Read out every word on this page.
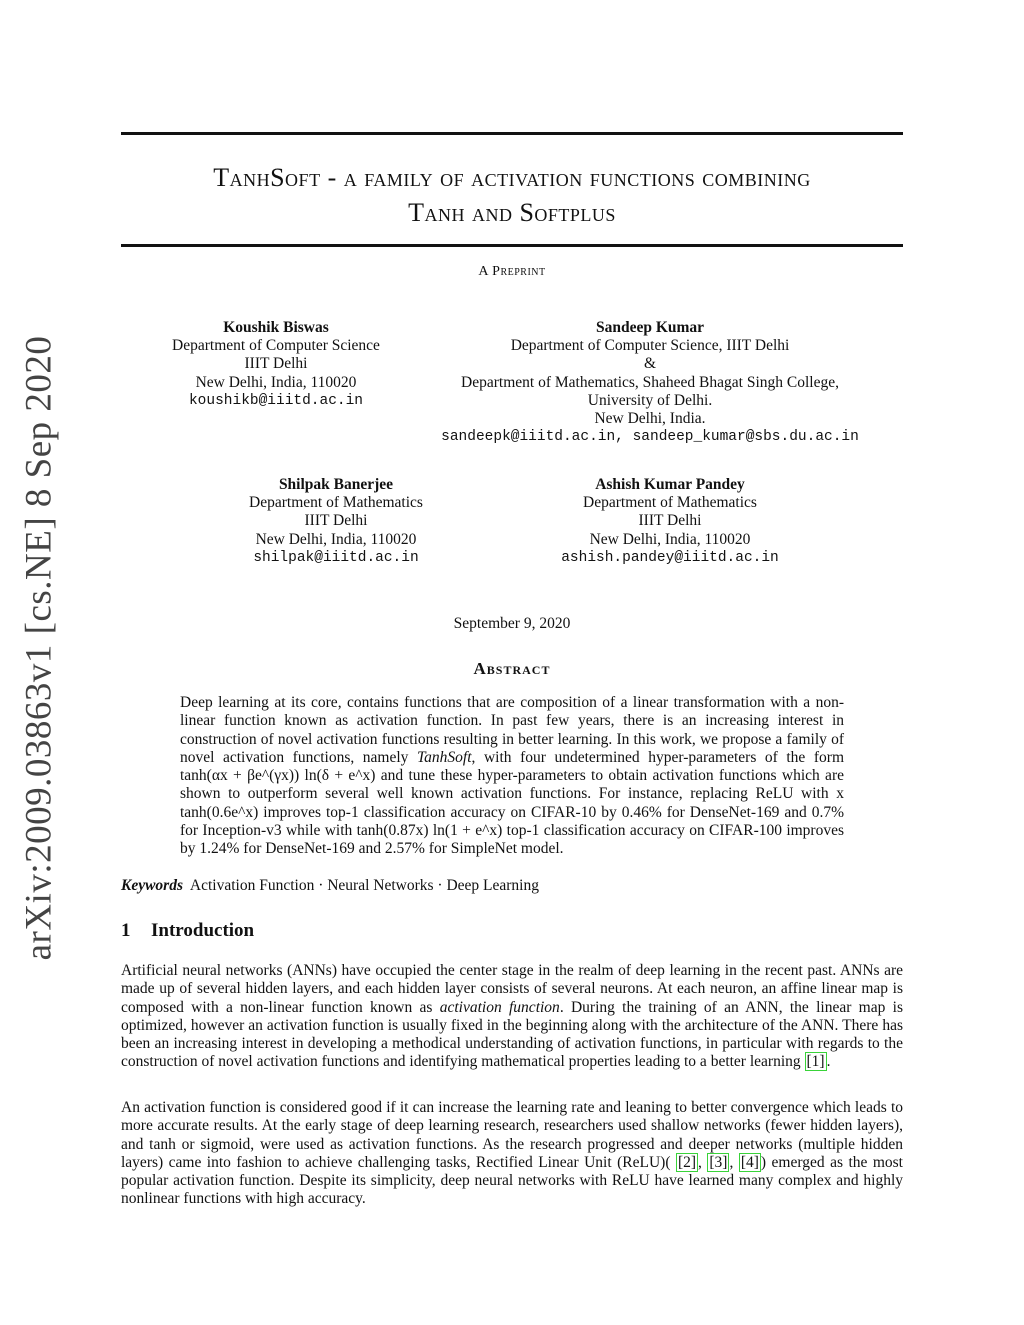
arXiv:2009.03863v1 [cs.NE] 8 Sep 2020
TanhSoft - a family of activation functions combining
Tanh and Softplus
A Preprint
Koushik Biswas
Department of Computer Science
IIIT Delhi
New Delhi, India, 110020
koushikb@iiitd.ac.in
Sandeep Kumar
Department of Computer Science, IIIT Delhi
&
Department of Mathematics, Shaheed Bhagat Singh College,
University of Delhi.
New Delhi, India.
sandeepk@iiitd.ac.in, sandeep_kumar@sbs.du.ac.in
Shilpak Banerjee
Department of Mathematics
IIIT Delhi
New Delhi, India, 110020
shilpak@iiitd.ac.in
Ashish Kumar Pandey
Department of Mathematics
IIIT Delhi
New Delhi, India, 110020
ashish.pandey@iiitd.ac.in
September 9, 2020
Abstract
Deep learning at its core, contains functions that are composition of a linear transformation with a non-linear function known as activation function. In past few years, there is an increasing interest in construction of novel activation functions resulting in better learning. In this work, we propose a family of novel activation functions, namely TanhSoft, with four undetermined hyper-parameters of the form tanh(αx + βe^(γx)) ln(δ + e^x) and tune these hyper-parameters to obtain activation functions which are shown to outperform several well known activation functions. For instance, replacing ReLU with x tanh(0.6e^x) improves top-1 classification accuracy on CIFAR-10 by 0.46% for DenseNet-169 and 0.7% for Inception-v3 while with tanh(0.87x) ln(1 + e^x) top-1 classification accuracy on CIFAR-100 improves by 1.24% for DenseNet-169 and 2.57% for SimpleNet model.
Keywords Activation Function · Neural Networks · Deep Learning
1 Introduction
Artificial neural networks (ANNs) have occupied the center stage in the realm of deep learning in the recent past. ANNs are made up of several hidden layers, and each hidden layer consists of several neurons. At each neuron, an affine linear map is composed with a non-linear function known as activation function. During the training of an ANN, the linear map is optimized, however an activation function is usually fixed in the beginning along with the architecture of the ANN. There has been an increasing interest in developing a methodical understanding of activation functions, in particular with regards to the construction of novel activation functions and identifying mathematical properties leading to a better learning [1] .
An activation function is considered good if it can increase the learning rate and leaning to better convergence which leads to more accurate results. At the early stage of deep learning research, researchers used shallow networks (fewer hidden layers), and tanh or sigmoid, were used as activation functions. As the research progressed and deeper networks (multiple hidden layers) came into fashion to achieve challenging tasks, Rectified Linear Unit (ReLU)( [2] , [3] , [4] ) emerged as the most popular activation function. Despite its simplicity, deep neural networks with ReLU have learned many complex and highly nonlinear functions with high accuracy.
